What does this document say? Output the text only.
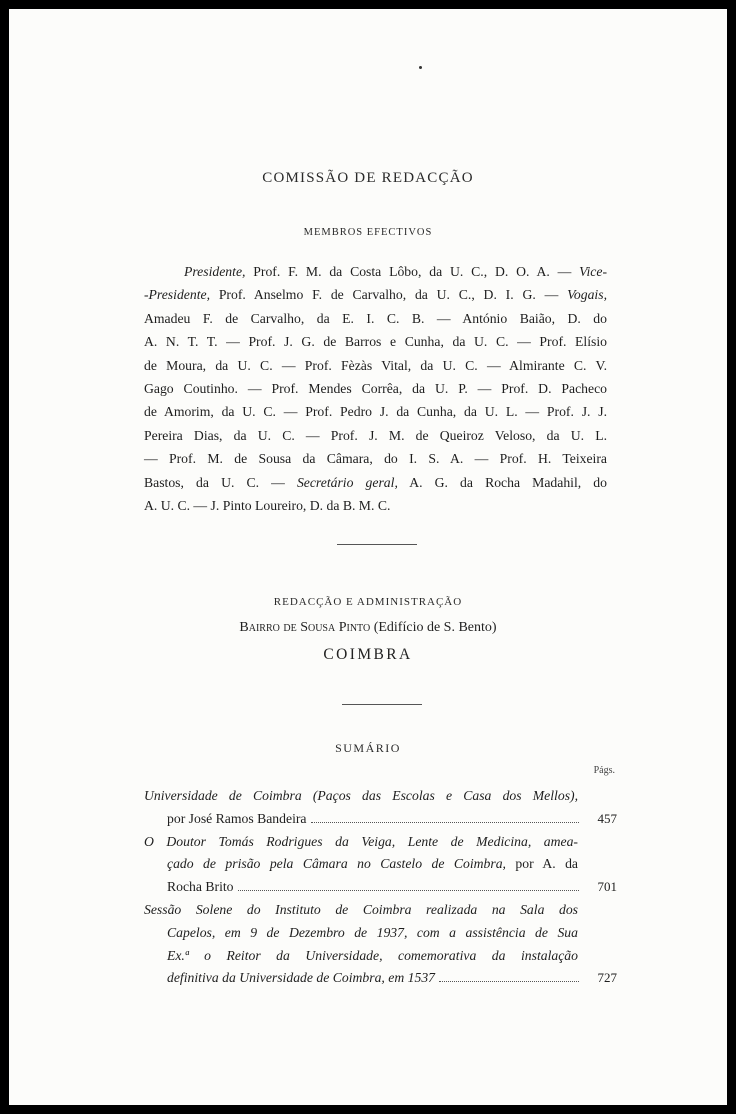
COMISSÃO DE REDACÇÃO
MEMBROS EFECTIVOS
Presidente, Prof. F. M. da Costa Lôbo, da U. C., D. O. A. — Vice-
-Presidente, Prof. Anselmo F. de Carvalho, da U. C., D. I. G. — Vogais,
Amadeu F. de Carvalho, da E. I. C. B. — António Baião, D. do
A. N. T. T. — Prof. J. G. de Barros e Cunha, da U. C. — Prof. Elísio
de Moura, da U. C. — Prof. Fèzàs Vital, da U. C. — Almirante C. V.
Gago Coutinho. — Prof. Mendes Corrêa, da U. P. — Prof. D. Pacheco
de Amorim, da U. C. — Prof. Pedro J. da Cunha, da U. L. — Prof. J. J.
Pereira Dias, da U. C. — Prof. J. M. de Queiroz Veloso, da U. L.
— Prof. M. de Sousa da Câmara, do I. S. A. — Prof. H. Teixeira
Bastos, da U. C. — Secretário geral, A. G. da Rocha Madahil, do
A. U. C. — J. Pinto Loureiro, D. da B. M. C.
REDACÇÃO E ADMINISTRAÇÃO
Bairro de Sousa Pinto (Edifício de S. Bento)
COIMBRA
SUMÁRIO
Págs.
Universidade de Coimbra (Paços das Escolas e Casa dos Mellos),
por José Ramos Bandeira	457
O Doutor Tomás Rodrigues da Veiga, Lente de Medicina, amea-
çado de prisão pela Câmara no Castelo de Coimbra, por A. da
Rocha Brito	701
Sessão Solene do Instituto de Coimbra realizada na Sala dos
Capelos, em 9 de Dezembro de 1937, com a assistência de Sua
Ex.ª o Reitor da Universidade, comemorativa da instalação
definitiva da Universidade de Coimbra, em 1537	727
